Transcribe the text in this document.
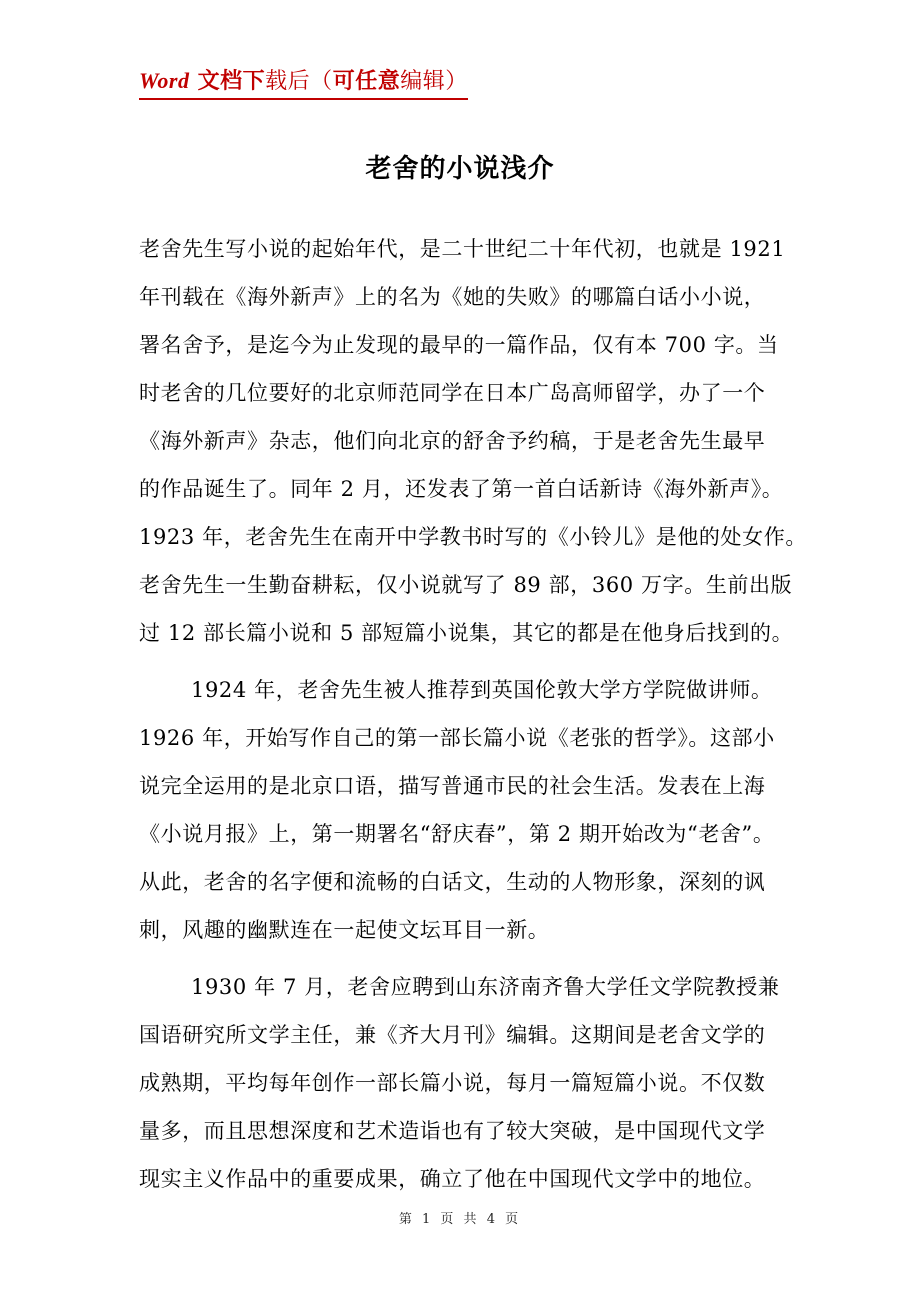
Word 文档下载后（可任意编辑）
老舍的小说浅介
老舍先生写小说的起始年代，是二十世纪二十年代初，也就是 1921
年刊载在《海外新声》上的名为《她的失败》的哪篇白话小小说，
署名舍予，是迄今为止发现的最早的一篇作品，仅有本 700 字。当
时老舍的几位要好的北京师范同学在日本广岛高师留学，办了一个
《海外新声》杂志，他们向北京的舒舍予约稿，于是老舍先生最早
的作品诞生了。同年 2 月，还发表了第一首白话新诗《海外新声》。
1923 年，老舍先生在南开中学教书时写的《小铃儿》是他的处女作。
老舍先生一生勤奋耕耘，仅小说就写了 89 部，360 万字。生前出版
过 12 部长篇小说和 5 部短篇小说集，其它的都是在他身后找到的。
1924 年，老舍先生被人推荐到英国伦敦大学方学院做讲师。
1926 年，开始写作自己的第一部长篇小说《老张的哲学》。这部小
说完全运用的是北京口语，描写普通市民的社会生活。发表在上海
《小说月报》上，第一期署名“舒庆春”，第 2 期开始改为“老舍”。
从此，老舍的名字便和流畅的白话文，生动的人物形象，深刻的讽
刺，风趣的幽默连在一起使文坛耳目一新。
1930 年 7 月，老舍应聘到山东济南齐鲁大学任文学院教授兼
国语研究所文学主任，兼《齐大月刊》编辑。这期间是老舍文学的
成熟期，平均每年创作一部长篇小说，每月一篇短篇小说。不仅数
量多，而且思想深度和艺术造诣也有了较大突破，是中国现代文学
现实主义作品中的重要成果，确立了他在中国现代文学中的地位。
第 1 页 共 4 页
